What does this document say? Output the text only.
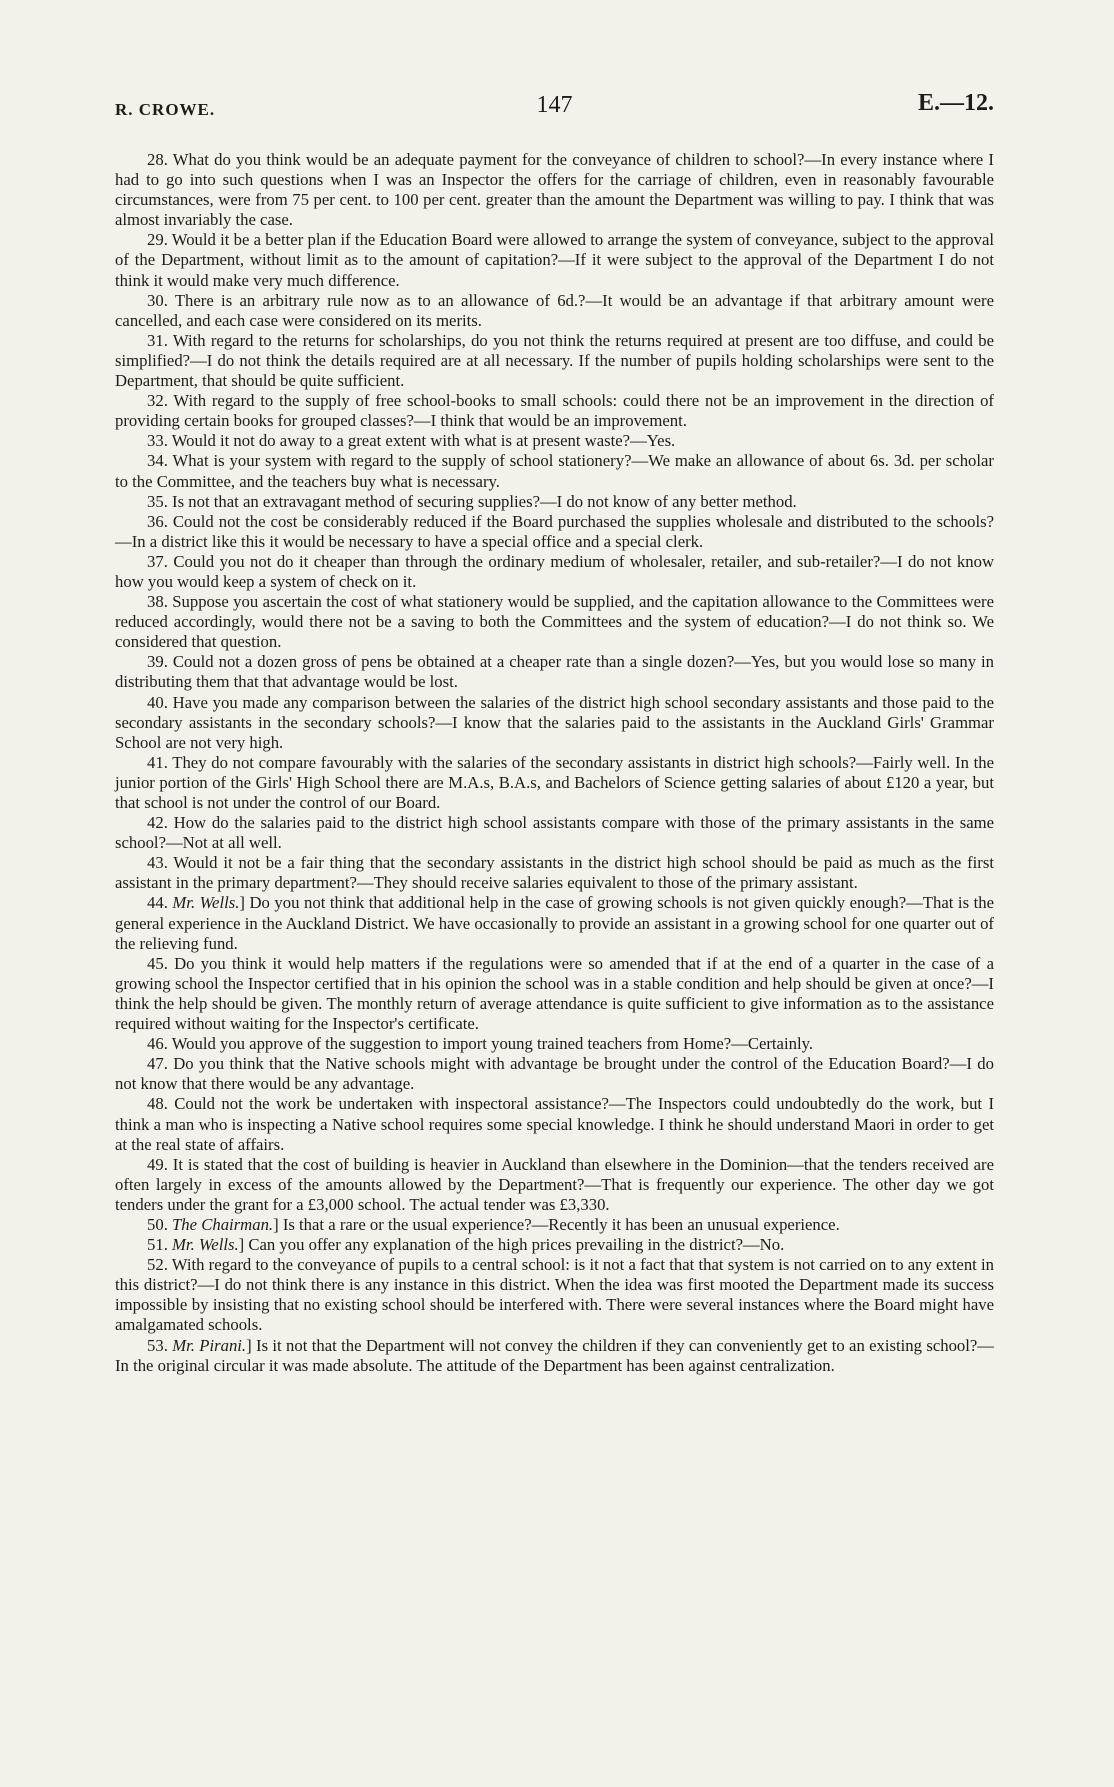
R. CROWE.	147	E.—12.

28. What do you think would be an adequate payment for the conveyance of children to school?—In every instance where I had to go into such questions when I was an Inspector the offers for the carriage of children, even in reasonably favourable circumstances, were from 75 per cent. to 100 per cent. greater than the amount the Department was willing to pay. I think that was almost invariably the case.

29. Would it be a better plan if the Education Board were allowed to arrange the system of conveyance, subject to the approval of the Department, without limit as to the amount of capitation?—If it were subject to the approval of the Department I do not think it would make very much difference.

30. There is an arbitrary rule now as to an allowance of 6d.?—It would be an advantage if that arbitrary amount were cancelled, and each case were considered on its merits.

31. With regard to the returns for scholarships, do you not think the returns required at present are too diffuse, and could be simplified?—I do not think the details required are at all necessary. If the number of pupils holding scholarships were sent to the Department, that should be quite sufficient.

32. With regard to the supply of free school-books to small schools: could there not be an improvement in the direction of providing certain books for grouped classes?—I think that would be an improvement.

33. Would it not do away to a great extent with what is at present waste?—Yes.

34. What is your system with regard to the supply of school stationery?—We make an allowance of about 6s. 3d. per scholar to the Committee, and the teachers buy what is necessary.

35. Is not that an extravagant method of securing supplies?—I do not know of any better method.

36. Could not the cost be considerably reduced if the Board purchased the supplies wholesale and distributed to the schools?—In a district like this it would be necessary to have a special office and a special clerk.

37. Could you not do it cheaper than through the ordinary medium of wholesaler, retailer, and sub-retailer?—I do not know how you would keep a system of check on it.

38. Suppose you ascertain the cost of what stationery would be supplied, and the capitation allowance to the Committees were reduced accordingly, would there not be a saving to both the Committees and the system of education?—I do not think so. We considered that question.

39. Could not a dozen gross of pens be obtained at a cheaper rate than a single dozen?—Yes, but you would lose so many in distributing them that that advantage would be lost.

40. Have you made any comparison between the salaries of the district high school secondary assistants and those paid to the secondary assistants in the secondary schools?—I know that the salaries paid to the assistants in the Auckland Girls' Grammar School are not very high.

41. They do not compare favourably with the salaries of the secondary assistants in district high schools?—Fairly well. In the junior portion of the Girls' High School there are M.A.s, B.A.s, and Bachelors of Science getting salaries of about £120 a year, but that school is not under the control of our Board.

42. How do the salaries paid to the district high school assistants compare with those of the primary assistants in the same school?—Not at all well.

43. Would it not be a fair thing that the secondary assistants in the district high school should be paid as much as the first assistant in the primary department?—They should receive salaries equivalent to those of the primary assistant.

44. Mr. Wells.] Do you not think that additional help in the case of growing schools is not given quickly enough?—That is the general experience in the Auckland District. We have occasionally to provide an assistant in a growing school for one quarter out of the relieving fund.

45. Do you think it would help matters if the regulations were so amended that if at the end of a quarter in the case of a growing school the Inspector certified that in his opinion the school was in a stable condition and help should be given at once?—I think the help should be given. The monthly return of average attendance is quite sufficient to give information as to the assistance required without waiting for the Inspector's certificate.

46. Would you approve of the suggestion to import young trained teachers from Home?—Certainly.

47. Do you think that the Native schools might with advantage be brought under the control of the Education Board?—I do not know that there would be any advantage.

48. Could not the work be undertaken with inspectoral assistance?—The Inspectors could undoubtedly do the work, but I think a man who is inspecting a Native school requires some special knowledge. I think he should understand Maori in order to get at the real state of affairs.

49. It is stated that the cost of building is heavier in Auckland than elsewhere in the Dominion—that the tenders received are often largely in excess of the amounts allowed by the Department?—That is frequently our experience. The other day we got tenders under the grant for a £3,000 school. The actual tender was £3,330.

50. The Chairman.] Is that a rare or the usual experience?—Recently it has been an unusual experience.

51. Mr. Wells.] Can you offer any explanation of the high prices prevailing in the district?—No.

52. With regard to the conveyance of pupils to a central school: is it not a fact that that system is not carried on to any extent in this district?—I do not think there is any instance in this district. When the idea was first mooted the Department made its success impossible by insisting that no existing school should be interfered with. There were several instances where the Board might have amalgamated schools.

53. Mr. Pirani.] Is it not that the Department will not convey the children if they can conveniently get to an existing school?—In the original circular it was made absolute. The attitude of the Department has been against centralization.
